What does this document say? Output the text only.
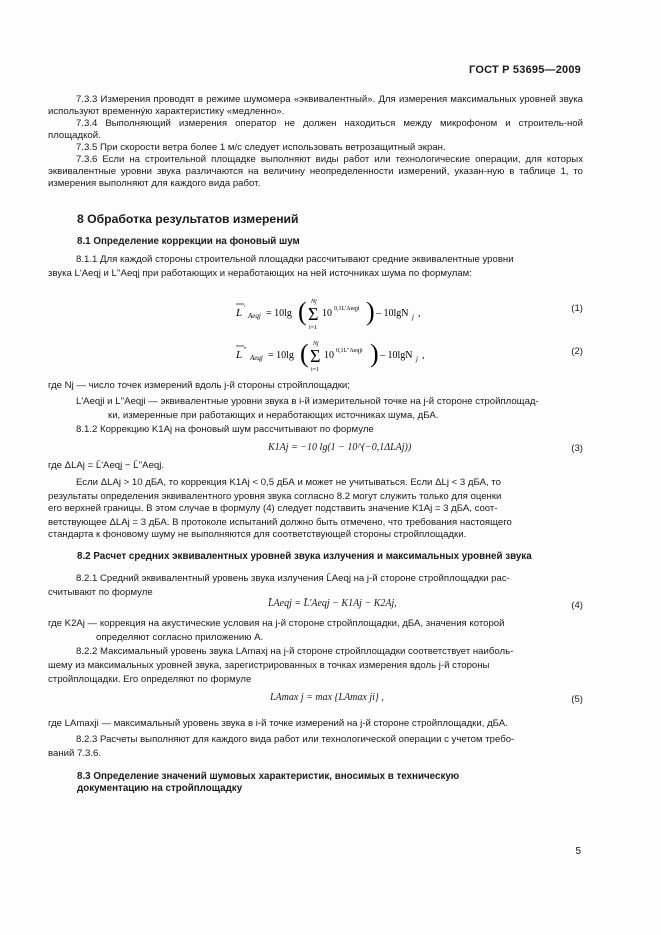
ГОСТ Р 53695—2009

7.3.3 Измерения проводят в режиме шумомера «эквивалентный». Для измерения максимальных уровней звука используют временнýю характеристику «медленно».

7.3.4 Выполняющий измерения оператор не должен находиться между микрофоном и строитель-ной площадкой.

7.3.5 При скорости ветра более 1 м/с следует использовать ветрозащитный экран.

7.3.6 Если на строительной площадке выполняют виды работ или технологические операции, для которых эквивалентные уровни звука различаются на величину неопределенности измерений, указан-ную в таблице 1, то измерения выполняют для каждого вида работ.

8 Обработка результатов измерений
8.1 Определение коррекции на фоновый шум
8.1.1 Для каждой стороны строительной площадки рассчитывают средние эквивалентные уровни
звука L'Aeqj и L''Aeqj при работающих и неработающих на ней источниках шума по формулам:
L '
Aeqj = 10lg ( Σ
Nj
i=1
10 0,1L'Aeqji ) – 10lgN j ,	(1)
L ''
Aeqj = 10lg ( Σ
Nj
i=1
10 0,1L''Aeqji ) – 10lgN j ,	(2)
где Nj — число точек измерений вдоль j-й стороны стройплощадки;
L'Aeqji и L''Aeqji — эквивалентные уровни звука в i-й измерительной точке на j-й стороне стройплощад-
ки, измеренные при работающих и неработающих источниках шума, дБА.
8.1.2 Коррекцию K1Aj на фоновый шум рассчитывают по формуле
K1Aj = −10 lg(1 − 10^(−0,1ΔLAj))	(3)
где ΔLAj = L̄'Aeqj − L̄''Aeqj.
Если ΔLAj > 10 дБА, то коррекция K1Aj < 0,5 дБА и может не учитываться. Если ΔLj < 3 дБА, то
результаты определения эквивалентного уровня звука согласно 8.2 могут служить только для оценки
его верхней границы. В этом случае в формулу (4) следует подставить значение K1Aj = 3 дБА, соот-
ветствующее ΔLAj = 3 дБА. В протоколе испытаний должно быть отмечено, что требования настоящего
стандарта к фоновому шуму не выполняются для соответствующей стороны стройплощадки.
8.2 Расчет средних эквивалентных уровней звука излучения и максимальных уровней звука
8.2.1 Средний эквивалентный уровень звука излучения L̄Aeqj на j-й стороне стройплощадки рас-
считывают по формуле
L̄Aeqj = L̄'Aeqj − K1Aj − K2Aj,	(4)
где K2Aj — коррекция на акустические условия на j-й стороне стройплощадки, дБА, значения которой
определяют согласно приложению А.
8.2.2 Максимальный уровень звука LAmaxj на j-й стороне стройплощадки соответствует наиболь-
шему из максимальных уровней звука, зарегистрированных в точках измерения вдоль j-й стороны
стройплощадки. Его определяют по формуле
LAmax j = max {LAmax ji} ,	(5)
где LAmaxji — максимальный уровень звука в i-й точке измерений на j-й стороне стройплощадки, дБА.
8.2.3 Расчеты выполняют для каждого вида работ или технологической операции с учетом требо-
ваний 7.3.6.
8.3 Определение значений шумовых характеристик, вносимых в техническую
документацию на стройплощадку
5
